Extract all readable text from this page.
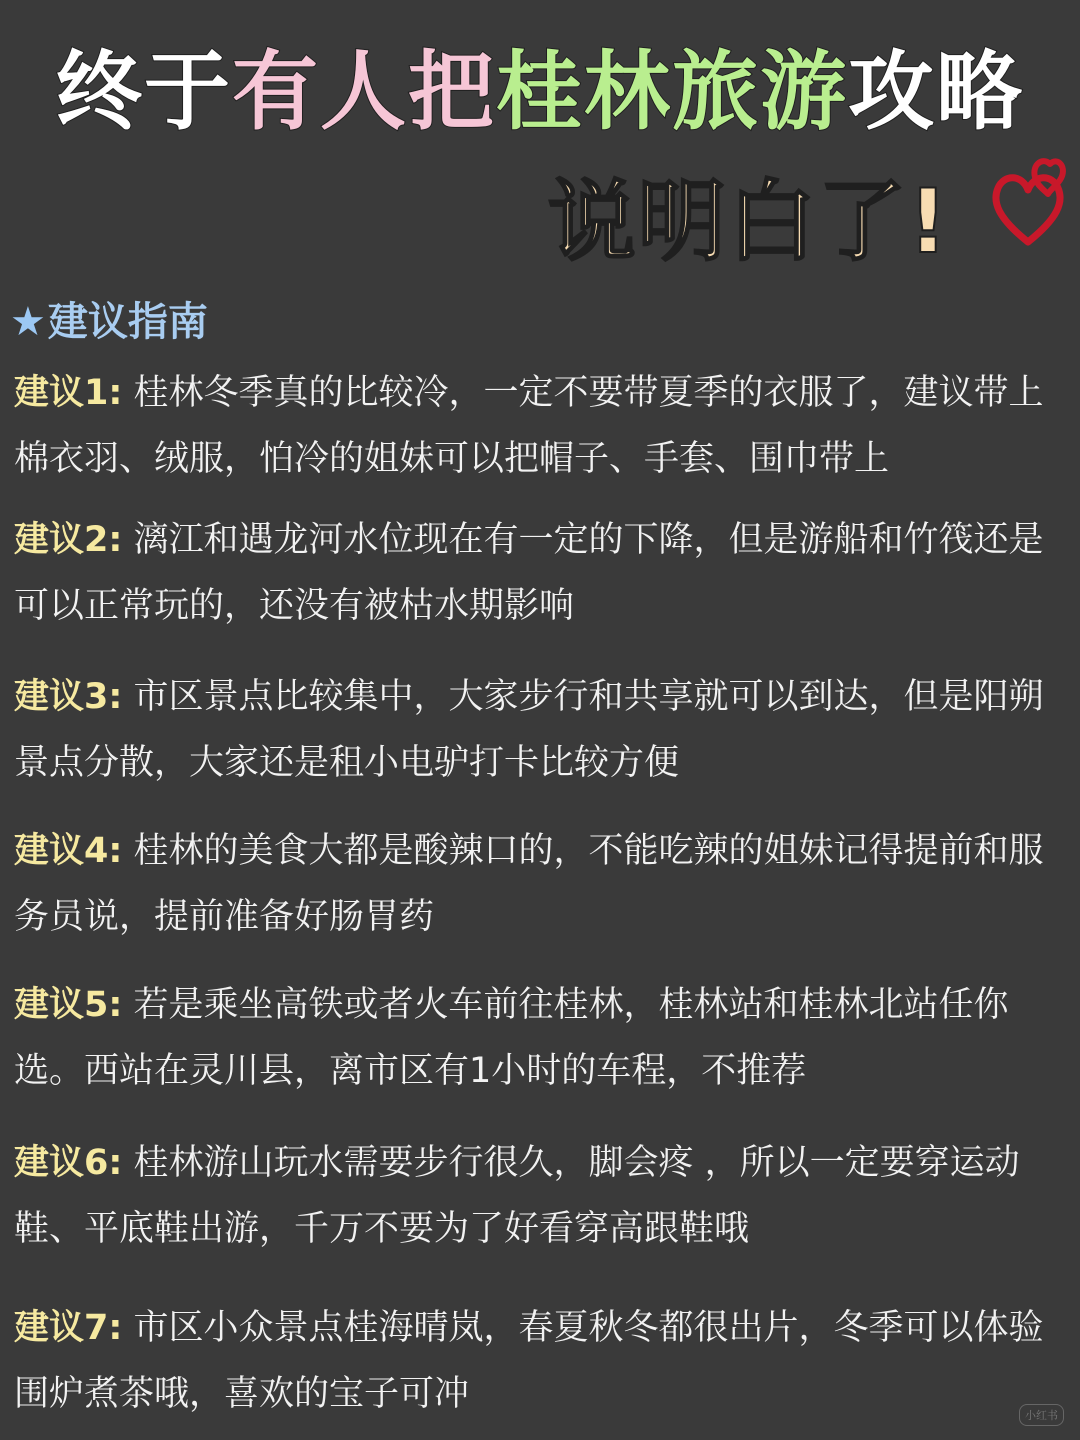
终于有人把桂林旅游攻略
说明白了!
★建议指南
建议1: 桂林冬季真的比较冷，一定不要带夏季的衣服了，建议带上棉衣羽、绒服，怕冷的姐妹可以把帽子、手套、围巾带上
建议2: 漓江和遇龙河水位现在有一定的下降，但是游船和竹筏还是可以正常玩的，还没有被枯水期影响
建议3: 市区景点比较集中，大家步行和共享就可以到达，但是阳朔景点分散，大家还是租小电驴打卡比较方便
建议4: 桂林的美食大都是酸辣口的，不能吃辣的姐妹记得提前和服务员说，提前准备好肠胃药
建议5: 若是乘坐高铁或者火车前往桂林，桂林站和桂林北站任你选。西站在灵川县，离市区有1小时的车程，不推荐
建议6: 桂林游山玩水需要步行很久，脚会疼 ，所以一定要穿运动鞋、平底鞋出游，千万不要为了好看穿高跟鞋哦
建议7: 市区小众景点桂海晴岚，春夏秋冬都很出片，冬季可以体验围炉煮茶哦，喜欢的宝子可冲
小红书
